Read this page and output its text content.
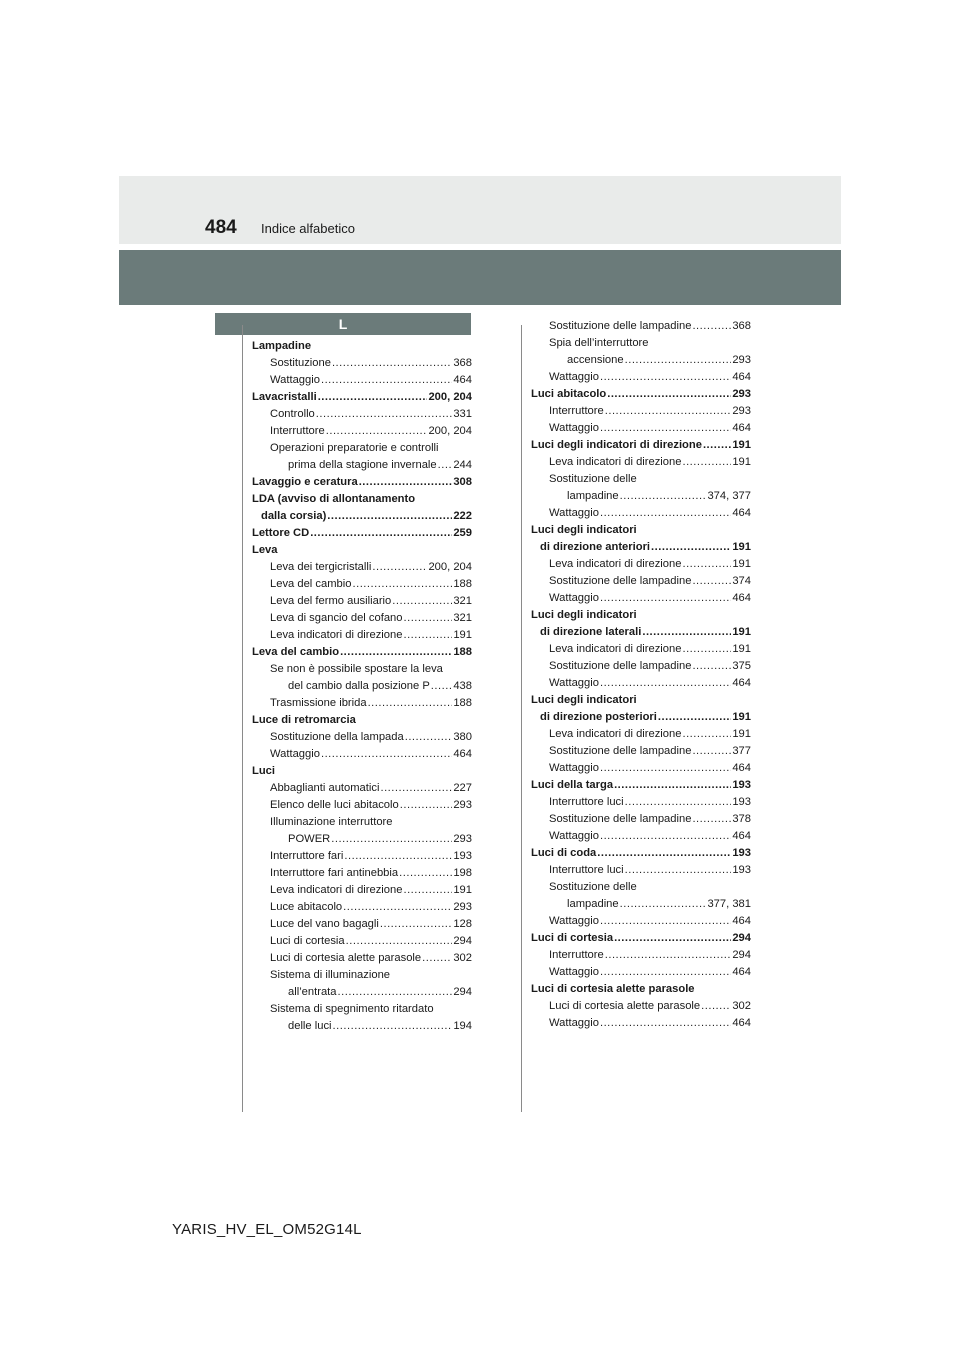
484 Indice alfabetico
L
Lampadine
Sostituzione .....	368
Wattaggio .....	464
Lavacristalli .....	200, 204
Controllo .....	331
Interruttore .....	200, 204
Operazioni preparatorie e controlli
prima della stagione invernale ..... 244
Lavaggio e ceratura .....	308
LDA (avviso di allontanamento
dalla corsia) .....	222
Lettore CD .....	259
Leva
Leva dei tergicristalli .....	200, 204
Leva del cambio .....	188
Leva del fermo ausiliario .....	321
Leva di sgancio del cofano .....	321
Leva indicatori di direzione .....	191
Leva del cambio .....	188
Se non è possibile spostare la leva
del cambio dalla posizione P ..... 438
Trasmissione ibrida .....	188
Luce di retromarcia
Sostituzione della lampada .....	380
Wattaggio .....	464
Luci
Abbaglianti automatici .....	227
Elenco delle luci abitacolo .....	293
Illuminazione interruttore
POWER .....	293
Interruttore fari .....	193
Interruttore fari antinebbia .....	198
Leva indicatori di direzione .....	191
Luce abitacolo .....	293
Luce del vano bagagli .....	128
Luci di cortesia .....	294
Luci di cortesia alette parasole .....	302
Sistema di illuminazione
all’entrata .....	294
Sistema di spegnimento ritardato
delle luci .....	194
Sostituzione delle lampadine .....	368
Spia dell’interruttore
accensione .....	293
Wattaggio .....	464
Luci abitacolo .....	293
Interruttore .....	293
Wattaggio .....	464
Luci degli indicatori di direzione .....	191
Leva indicatori di direzione .....	191
Sostituzione delle
lampadine .....	374, 377
Wattaggio .....	464
Luci degli indicatori
di direzione anteriori .....	191
Leva indicatori di direzione .....	191
Sostituzione delle lampadine .....	374
Wattaggio .....	464
Luci degli indicatori
di direzione laterali .....	191
Leva indicatori di direzione .....	191
Sostituzione delle lampadine .....	375
Wattaggio .....	464
Luci degli indicatori
di direzione posteriori .....	191
Leva indicatori di direzione .....	191
Sostituzione delle lampadine .....	377
Wattaggio .....	464
Luci della targa .....	193
Interruttore luci .....	193
Sostituzione delle lampadine .....	378
Wattaggio .....	464
Luci di coda .....	193
Interruttore luci .....	193
Sostituzione delle
lampadine .....	377, 381
Wattaggio .....	464
Luci di cortesia .....	294
Interruttore .....	294
Wattaggio .....	464
Luci di cortesia alette parasole
Luci di cortesia alette parasole .....	302
Wattaggio .....	464
YARIS_HV_EL_OM52G14L
